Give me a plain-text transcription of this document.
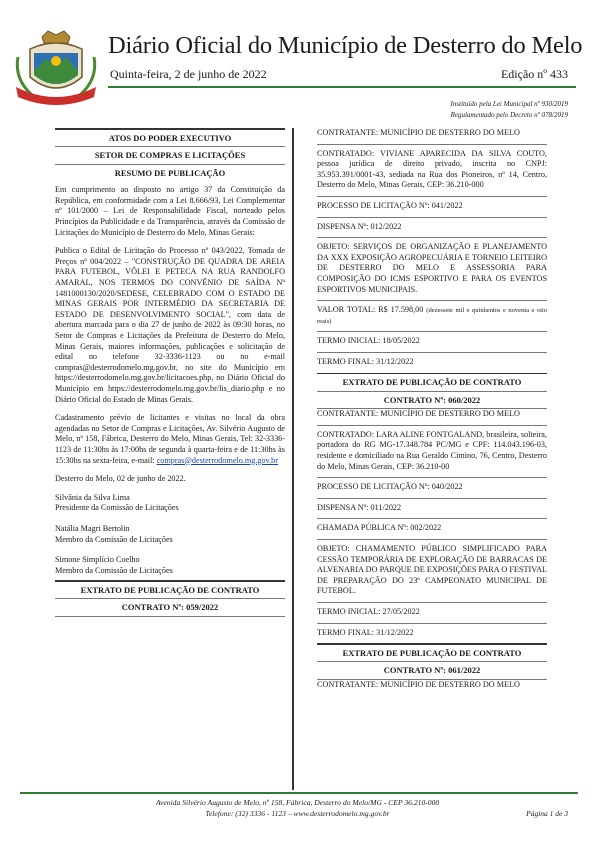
Diário Oficial do Município de Desterro do Melo
Quinta-feira, 2 de junho de 2022	Edição nº 433
Instituído pela Lei Municipal nº 930/2019
Regulamentado pelo Decreto nº 078/2019
ATOS DO PODER EXECUTIVO
SETOR DE COMPRAS E LICITAÇÕES
RESUMO DE PUBLICAÇÃO

Em cumprimento ao disposto no artigo 37 da Constituição da República, em conformidade com a Lei 8.666/93, Lei Complementar nº 101/2000 – Lei de Responsabilidade Fiscal, norteado pelos Princípios da Publicidade e da Transparência, através da Comissão de Licitações do Município de Desterro do Melo, Minas Gerais:

Publica o Edital de Licitação do Processo nº 043/2022, Tomada de Preços nº 004/2022 – "CONSTRUÇÃO DE QUADRA DE AREIA PARA FUTEBOL, VÔLEI E PETECA NA RUA RANDOLFO AMARAL, NOS TERMOS DO CONVÊNIO DE SAÍDA Nº 1481000130/2020/SEDESE, CELEBRADO COM O ESTADO DE MINAS GERAIS POR INTERMÉDIO DA SECRETARIA DE ESTADO DE DESENVOLVIMENTO SOCIAL", com data de abertura marcada para o dia 27 de junho de 2022 às 09:30 horas, no Setor de Compras e Licitações da Prefeitura de Desterro do Melo, Minas Gerais, maiores informações, publicações e solicitação de edital no telefone 32-3336-1123 ou no e-mail compras@desterrodomelo.mg.gov.br, no site do Município em https://desterrodomelo.mg.gov.br/licitacoes.php, no Diário Oficial do Município em https://desterrodomelo.mg.gov.br/lis_diario.php e no Diário Oficial do Estado de Minas Gerais.

Cadastramento prévio de licitantes e visitas no local da obra agendadas no Setor de Compras e Licitações, Av. Silvério Augusto de Melo, nº 158, Fábrica, Desterro do Melo, Minas Gerais, Tel: 32-3336-1123 de 11:30hs às 17:00hs de segunda à quarta-feira e de 11:30hs às 15:30hs na sexta-feira, e-mail: compras@desterrodomelo.mg.gov.br

Desterro do Melo, 02 de junho de 2022.

Silvânia da Silva Lima

Presidente da Comissão de Licitações

Natália Magri Bertolin

Membro da Comissão de Licitações

Simone Simplício Coelho

Membro da Comissão de Licitações

EXTRATO DE PUBLICAÇÃO DE CONTRATO
CONTRATO Nº: 059/2022

CONTRATANTE: MUNICÍPIO DE DESTERRO DO MELO

CONTRATADO: VIVIANE APARECIDA DA SILVA COUTO, pessoa jurídica de direito privado, inscrita no CNPJ: 35.953.391/0001-43, sediada na Rua dos Pioneiros, nº 14, Centro, Desterro do Melo, Minas Gerais, CEP: 36.210-000

PROCESSO DE LICITAÇÃO Nº: 041/2022

DISPENSA Nº: 012/2022

OBJETO: SERVIÇOS DE ORGANIZAÇÃO E PLANEJAMENTO DA XXX EXPOSIÇÃO AGROPECUÁRIA E TORNEIO LEITEIRO DE DESTERRO DO MELO E ASSESSORIA PARA COMPOSIÇÃO DO ICMS ESPORTIVO E PARA OS EVENTOS ESPORTIVOS MUNICIPAIS.

VALOR TOTAL: R$ 17.598,00 (dezessete mil e quinhentos e noventa e oito reais)

TERMO INICIAL: 18/05/2022

TERMO FINAL: 31/12/2022

EXTRATO DE PUBLICAÇÃO DE CONTRATO
CONTRATO Nº: 060/2022

CONTRATANTE: MUNICÍPIO DE DESTERRO DO MELO

CONTRATADO: LARA ALINE FONTGALAND, brasileira, solteira, portadora do RG MG-17.348.784 PC/MG e CPF: 114.043.196-03, residente e domiciliado na Rua Geraldo Cimino, 76, Centro, Desterro do Melo, Minas Gerais, CEP: 36.210-00

PROCESSO DE LICITAÇÃO Nº: 040/2022

DISPENSA Nº: 011/2022

CHAMADA PÚBLICA Nº: 002/2022

OBJETO: CHAMAMENTO PÚBLICO SIMPLIFICADO PARA CESSÃO TEMPORÁRIA DE EXPLORAÇÃO DE BARRACAS DE ALVENARIA DO PARQUE DE EXPOSIÇÕES PARA O FESTIVAL DE PREPARAÇÃO DO 23º CAMPEONATO MUNICIPAL DE FUTEBOL.

TERMO INICIAL: 27/05/2022

TERMO FINAL: 31/12/2022

EXTRATO DE PUBLICAÇÃO DE CONTRATO
CONTRATO Nº: 061/2022

CONTRATANTE: MUNICÍPIO DE DESTERRO DO MELO

Avenida Silvério Augusto de Melo, nº 158, Fábrica, Desterro do Melo/MG - CEP 36.210-000
Telefone: (32) 3336 - 1123 – www.desterrodomelo.mg.gov.br	Página 1 de 3
